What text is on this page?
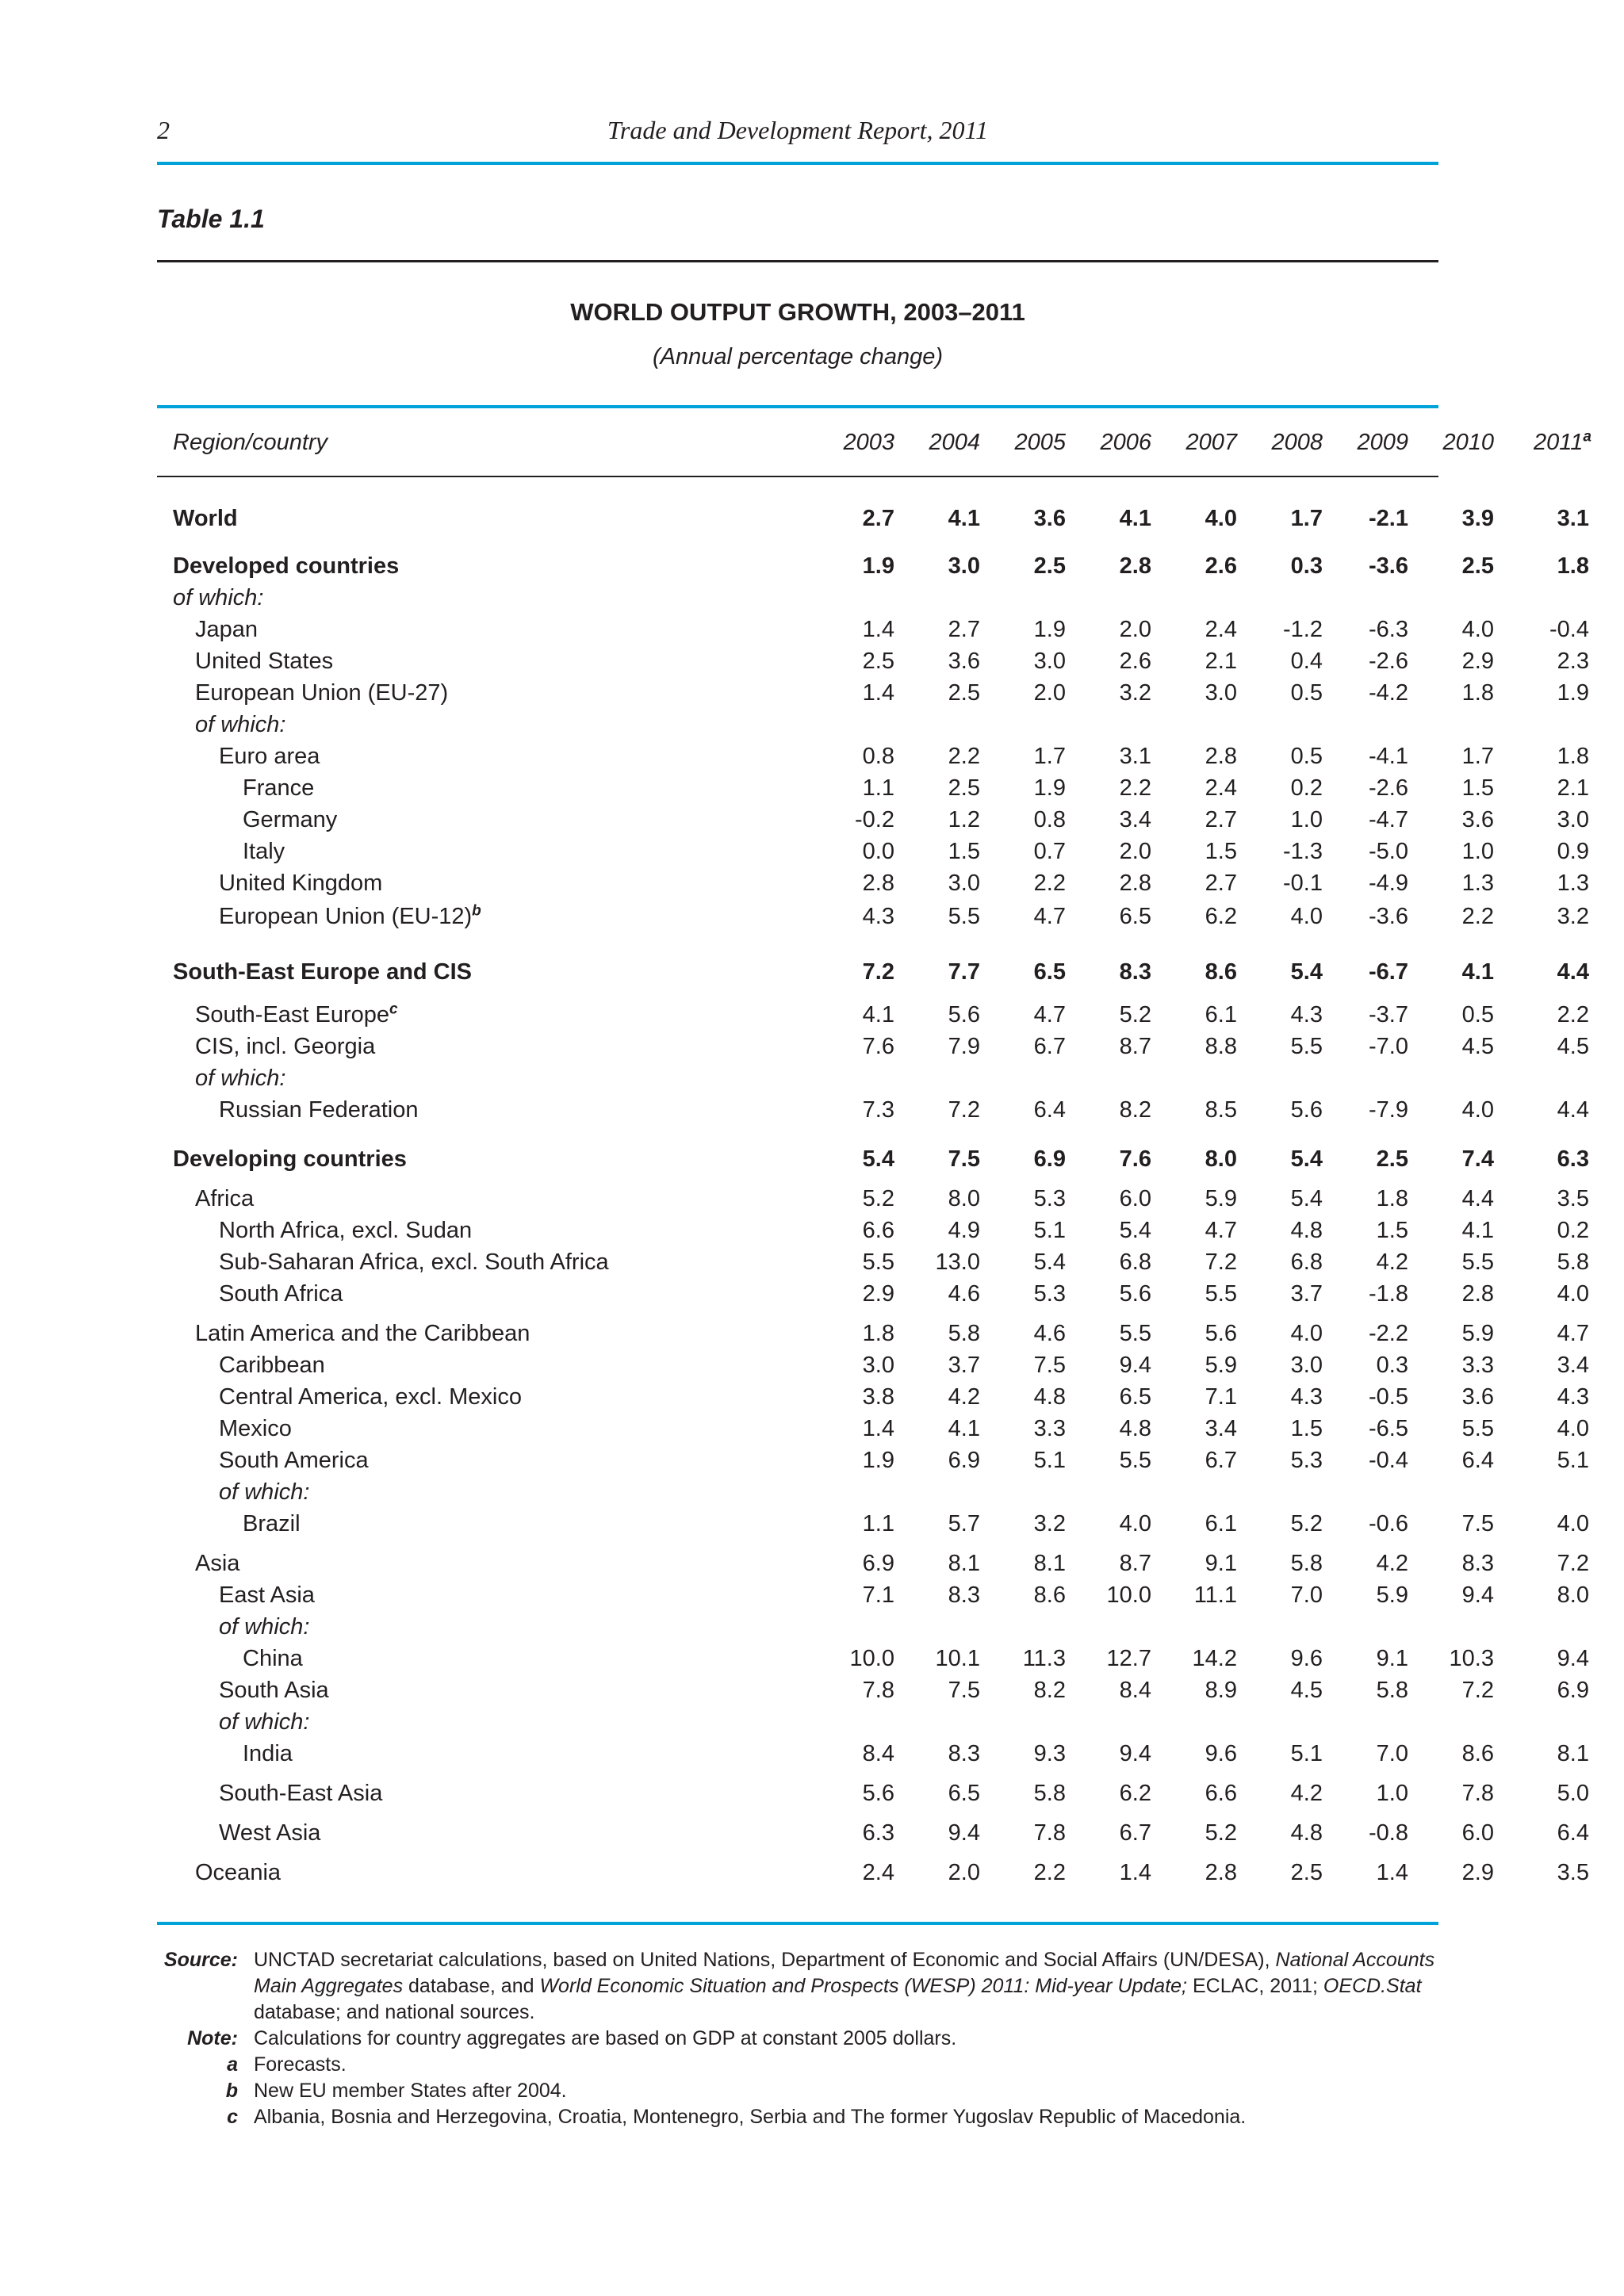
2	Trade and Development Report, 2011
Table 1.1
WORLD OUTPUT GROWTH, 2003–2011
(Annual percentage change)
Region/country	2003 2004 2005 2006 2007 2008 2009 2010 2011$^a$
World	2.7	4.1	3.6	4.1	4.0	1.7	-2.1	3.9	3.1
Developed countries	1.9	3.0	2.5	2.8	2.6	0.3	-3.6	2.5	1.8
of which:
Japan	1.4	2.7	1.9	2.0	2.4	-1.2	-6.3	4.0	-0.4
United States	2.5	3.6	3.0	2.6	2.1	0.4	-2.6	2.9	2.3
European Union (EU-27)	1.4	2.5	2.0	3.2	3.0	0.5	-4.2	1.8	1.9
of which:
Euro area	0.8	2.2	1.7	3.1	2.8	0.5	-4.1	1.7	1.8
France	1.1	2.5	1.9	2.2	2.4	0.2	-2.6	1.5	2.1
Germany	-0.2	1.2	0.8	3.4	2.7	1.0	-4.7	3.6	3.0
Italy	0.0	1.5	0.7	2.0	1.5	-1.3	-5.0	1.0	0.9
United Kingdom	2.8	3.0	2.2	2.8	2.7	-0.1	-4.9	1.3	1.3
European Union $(EU-12)^b$	4.3	5.5	4.7	6.5	6.2	4.0	-3.6	2.2	3.2
South-East Europe and CIS	7.2	7.7	6.5	8.3	8.6	5.4	-6.7	4.1	4.4
South-East Europe$^c$	4.1	5.6	4.7	5.2	6.1	4.3	-3.7	0.5	2.2
CIS, incl. Georgia	7.6	7.9	6.7	8.7	8.8	5.5	-7.0	4.5	4.5
of which:
Russian Federation	7.3	7.2	6.4	8.2	8.5	5.6	-7.9	4.0	4.4
Developing countries	5.4	7.5	6.9	7.6	8.0	5.4	2.5	7.4	6.3
Africa	5.2	8.0	5.3	6.0	5.9	5.4	1.8	4.4	3.5
North Africa, excl. Sudan	6.6	4.9	5.1	5.4	4.7	4.8	1.5	4.1	0.2
Sub-Saharan Africa, excl. South Africa	5.5	13.0	5.4	6.8	7.2	6.8	4.2	5.5	5.8
South Africa	2.9	4.6	5.3	5.6	5.5	3.7	-1.8	2.8	4.0
Latin America and the Caribbean	1.8	5.8	4.6	5.5	5.6	4.0	-2.2	5.9	4.7
Caribbean	3.0	3.7	7.5	9.4	5.9	3.0	0.3	3.3	3.4
Central America, excl. Mexico	3.8	4.2	4.8	6.5	7.1	4.3	-0.5	3.6	4.3
Mexico	1.4	4.1	3.3	4.8	3.4	1.5	-6.5	5.5	4.0
South America	1.9	6.9	5.1	5.5	6.7	5.3	-0.4	6.4	5.1
of which:
Brazil	1.1	5.7	3.2	4.0	6.1	5.2	-0.6	7.5	4.0
Asia	6.9	8.1	8.1	8.7	9.1	5.8	4.2	8.3	7.2
East Asia	7.1	8.3	8.6	10.0	11.1	7.0	5.9	9.4	8.0
of which:
China	10.0	10.1	11.3	12.7	14.2	9.6	9.1	10.3	9.4
South Asia	7.8	7.5	8.2	8.4	8.9	4.5	5.8	7.2	6.9
of which:
India	8.4	8.3	9.3	9.4	9.6	5.1	7.0	8.6	8.1
South-East Asia	5.6	6.5	5.8	6.2	6.6	4.2	1.0	7.8	5.0
West Asia	6.3	9.4	7.8	6.7	5.2	4.8	-0.8	6.0	6.4
Oceania	2.4	2.0	2.2	1.4	2.8	2.5	1.4	2.9	3.5
Source: UNCTAD secretariat calculations, based on United Nations, Department of Economic and Social Affairs (UN/DESA), National Accounts Main Aggregates database, and World Economic Situation and Prospects (WESP) 2011: Mid-year Update; ECLAC, 2011; OECD.Stat database; and national sources.
Note: Calculations for country aggregates are based on GDP at constant 2005 dollars.
a Forecasts.
b New EU member States after 2004.
c Albania, Bosnia and Herzegovina, Croatia, Montenegro, Serbia and The former Yugoslav Republic of Macedonia.
